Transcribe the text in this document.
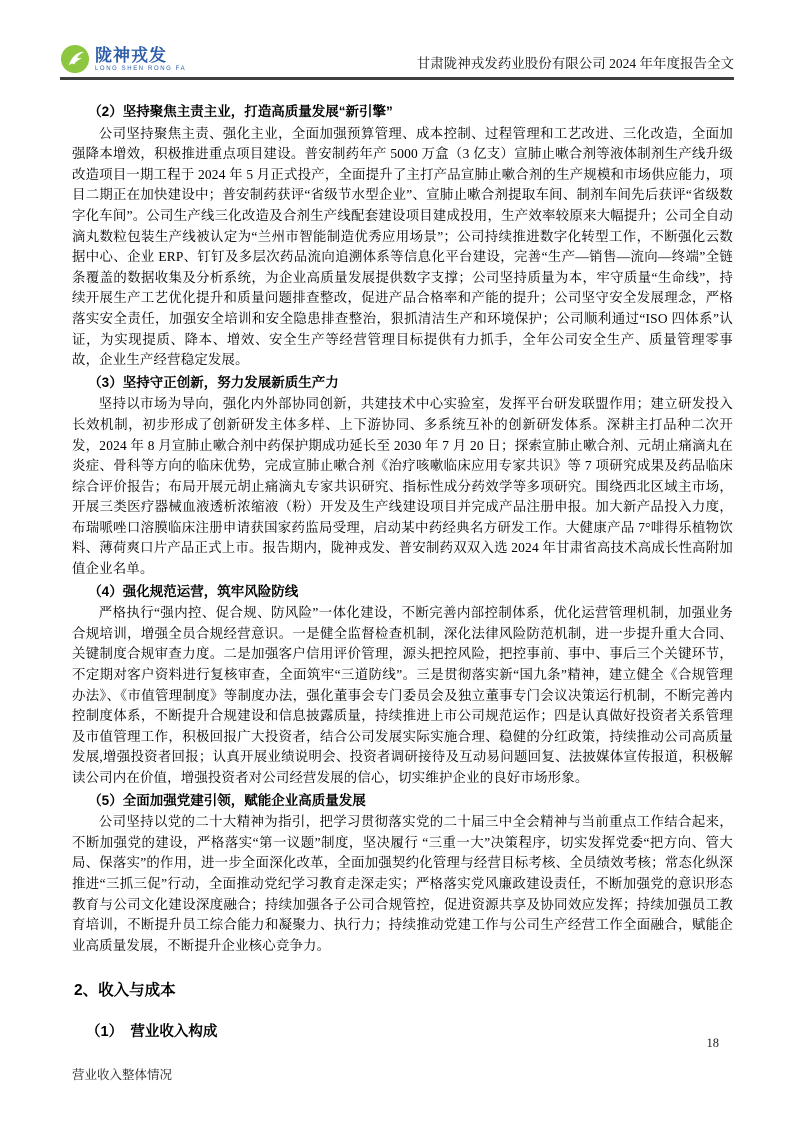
陇神戎发
LONG SHEN RONG FA	甘肃陇神戎发药业股份有限公司 2024 年年度报告全文

（2）坚持聚焦主责主业，打造高质量发展“新引擎”

公司坚持聚焦主责、强化主业，全面加强预算管理、成本控制、过程管理和工艺改进、三化改造，全面加强降本增效，积极推进重点项目建设。普安制药年产 5000 万盒（3 亿支）宣肺止嗽合剂等液体制剂生产线升级改造项目一期工程于 2024 年 5 月正式投产，全面提升了主打产品宣肺止嗽合剂的生产规模和市场供应能力，项目二期正在加快建设中；普安制药获评“省级节水型企业”、宣肺止嗽合剂提取车间、制剂车间先后获评“省级数字化车间”。公司生产线三化改造及合剂生产线配套建设项目建成投用，生产效率较原来大幅提升；公司全自动滴丸数粒包装生产线被认定为“兰州市智能制造优秀应用场景”；公司持续推进数字化转型工作，不断强化云数据中心、企业 ERP、钉钉及多层次药品流向追溯体系等信息化平台建设，完善“生产—销售—流向—终端”全链条覆盖的数据收集及分析系统，为企业高质量发展提供数字支撑；公司坚持质量为本，牢守质量“生命线”，持续开展生产工艺优化提升和质量问题排查整改，促进产品合格率和产能的提升；公司坚守安全发展理念，严格落实安全责任，加强安全培训和安全隐患排查整治，狠抓清洁生产和环境保护；公司顺利通过“ISO 四体系”认证，为实现提质、降本、增效、安全生产等经营管理目标提供有力抓手，全年公司安全生产、质量管理零事故，企业生产经营稳定发展。

（3）坚持守正创新，努力发展新质生产力

坚持以市场为导向，强化内外部协同创新，共建技术中心实验室，发挥平台研发联盟作用；建立研发投入长效机制，初步形成了创新研发主体多样、上下游协同、多系统互补的创新研发体系。深耕主打品种二次开发，2024 年 8 月宣肺止嗽合剂中药保护期成功延长至 2030 年 7 月 20 日；探索宣肺止嗽合剂、元胡止痛滴丸在炎症、骨科等方向的临床优势，完成宣肺止嗽合剂《治疗咳嗽临床应用专家共识》等 7 项研究成果及药品临床综合评价报告；布局开展元胡止痛滴丸专家共识研究、指标性成分药效学等多项研究。围绕西北区域主市场，开展三类医疗器械血液透析浓缩液（粉）开发及生产线建设项目并完成产品注册申报。加大新产品投入力度，布瑞哌唑口溶膜临床注册申请获国家药监局受理，启动某中药经典名方研发工作。大健康产品 7°啡得乐植物饮料、薄荷爽口片产品正式上市。报告期内，陇神戎发、普安制药双双入选 2024 年甘肃省高技术高成长性高附加值企业名单。

（4）强化规范运营，筑牢风险防线

严格执行“强内控、促合规、防风险”一体化建设，不断完善内部控制体系，优化运营管理机制，加强业务合规培训，增强全员合规经营意识。一是健全监督检查机制，深化法律风险防范机制，进一步提升重大合同、关键制度合规审查力度。二是加强客户信用评价管理，源头把控风险，把控事前、事中、事后三个关键环节，不定期对客户资料进行复核审查，全面筑牢“三道防线”。三是贯彻落实新“国九条”精神，建立健全《合规管理办法》、《市值管理制度》等制度办法，强化董事会专门委员会及独立董事专门会议决策运行机制，不断完善内控制度体系，不断提升合规建设和信息披露质量，持续推进上市公司规范运作；四是认真做好投资者关系管理及市值管理工作，积极回报广大投资者，结合公司发展实际实施合理、稳健的分红政策，持续推动公司高质量发展,增强投资者回报；认真开展业绩说明会、投资者调研接待及互动易问题回复、法披媒体宣传报道，积极解读公司内在价值，增强投资者对公司经营发展的信心，切实维护企业的良好市场形象。

（5）全面加强党建引领，赋能企业高质量发展

公司坚持以党的二十大精神为指引，把学习贯彻落实党的二十届三中全会精神与当前重点工作结合起来，不断加强党的建设，严格落实“第一议题”制度，坚决履行 “三重一大”决策程序，切实发挥党委“把方向、管大局、保落实”的作用，进一步全面深化改革，全面加强契约化管理与经营目标考核、全员绩效考核；常态化纵深推进“三抓三促”行动，全面推动党纪学习教育走深走实；严格落实党风廉政建设责任，不断加强党的意识形态教育与公司文化建设深度融合；持续加强各子公司合规管控，促进资源共享及协同效应发挥；持续加强员工教育培训，不断提升员工综合能力和凝聚力、执行力；持续推动党建工作与公司生产经营工作全面融合，赋能企业高质量发展，不断提升企业核心竞争力。

2、收入与成本

（1）　营业收入构成

营业收入整体情况

18
